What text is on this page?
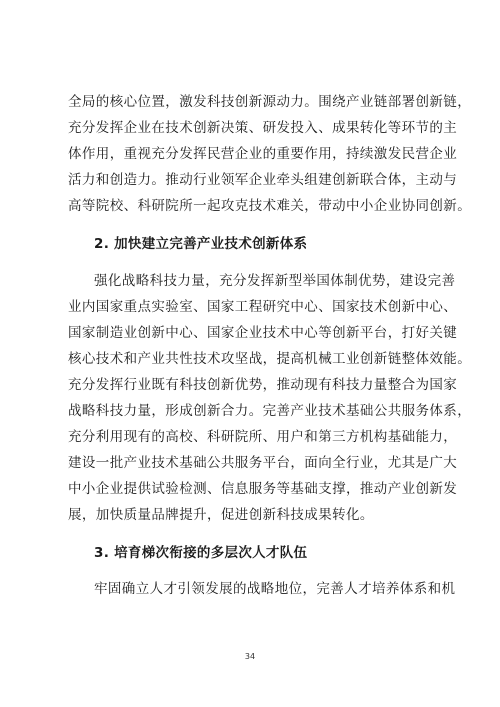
全局的核心位置，激发科技创新源动力。围绕产业链部署创新链，
充分发挥企业在技术创新决策、研发投入、成果转化等环节的主
体作用，重视充分发挥民营企业的重要作用，持续激发民营企业
活力和创造力。推动行业领军企业牵头组建创新联合体，主动与
高等院校、科研院所一起攻克技术难关，带动中小企业协同创新。
2. 加快建立完善产业技术创新体系
强化战略科技力量，充分发挥新型举国体制优势，建设完善
业内国家重点实验室、国家工程研究中心、国家技术创新中心、
国家制造业创新中心、国家企业技术中心等创新平台，打好关键
核心技术和产业共性技术攻坚战，提高机械工业创新链整体效能。
充分发挥行业既有科技创新优势，推动现有科技力量整合为国家
战略科技力量，形成创新合力。完善产业技术基础公共服务体系，
充分利用现有的高校、科研院所、用户和第三方机构基础能力，
建设一批产业技术基础公共服务平台，面向全行业，尤其是广大
中小企业提供试验检测、信息服务等基础支撑，推动产业创新发
展，加快质量品牌提升，促进创新科技成果转化。
3. 培育梯次衔接的多层次人才队伍
牢固确立人才引领发展的战略地位，完善人才培养体系和机
34
